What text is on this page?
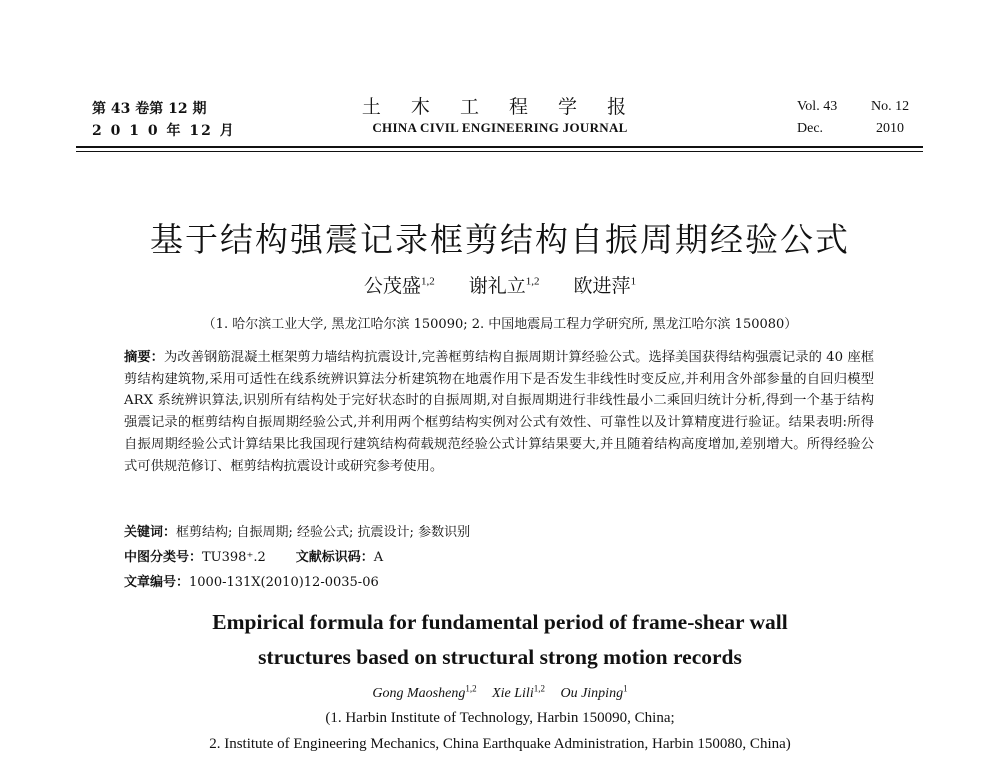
第 43 卷第 12 期
2 0 1 0 年 12 月
土 木 工 程 学 报
CHINA CIVIL ENGINEERING JOURNAL
Vol. 43 No. 12
Dec.	2010
基于结构强震记录框剪结构自振周期经验公式
公茂盛$^{1,2}$ 谢礼立$^{1,2}$ 欧进萍$^1$
（1. 哈尔滨工业大学, 黑龙江哈尔滨 150090; 2. 中国地震局工程力学研究所, 黑龙江哈尔滨 150080）
摘要：为改善钢筋混凝土框架剪力墙结构抗震设计,完善框剪结构自振周期计算经验公式。选择美国获得结构强震记录的 40 座框剪结构建筑物,采用可适性在线系统辨识算法分析建筑物在地震作用下是否发生非线性时变反应,并利用含外部参量的自回归模型 ARX 系统辨识算法,识别所有结构处于完好状态时的自振周期,对自振周期进行非线性最小二乘回归统计分析,得到一个基于结构强震记录的框剪结构自振周期经验公式,并利用两个框剪结构实例对公式有效性、可靠性以及计算精度进行验证。结果表明:所得自振周期经验公式计算结果比我国现行建筑结构荷载规范经验公式计算结果要大,并且随着结构高度增加,差别增大。所得经验公式可供规范修订、框剪结构抗震设计或研究参考使用。
关键词：框剪结构; 自振周期; 经验公式; 抗震设计; 参数识别
中图分类号：TU398⁺.2 文献标识码：A
文章编号：1000-131X(2010)12-0035-06
Empirical formula for fundamental period of frame-shear wall
structures based on structural strong motion records
Gong Maosheng$^{1,2}$ Xie Lili$^{1,2}$ Ou Jinping$^1$
(1. Harbin Institute of Technology, Harbin 150090, China;
2. Institute of Engineering Mechanics, China Earthquake Administration, Harbin 150080, China)
